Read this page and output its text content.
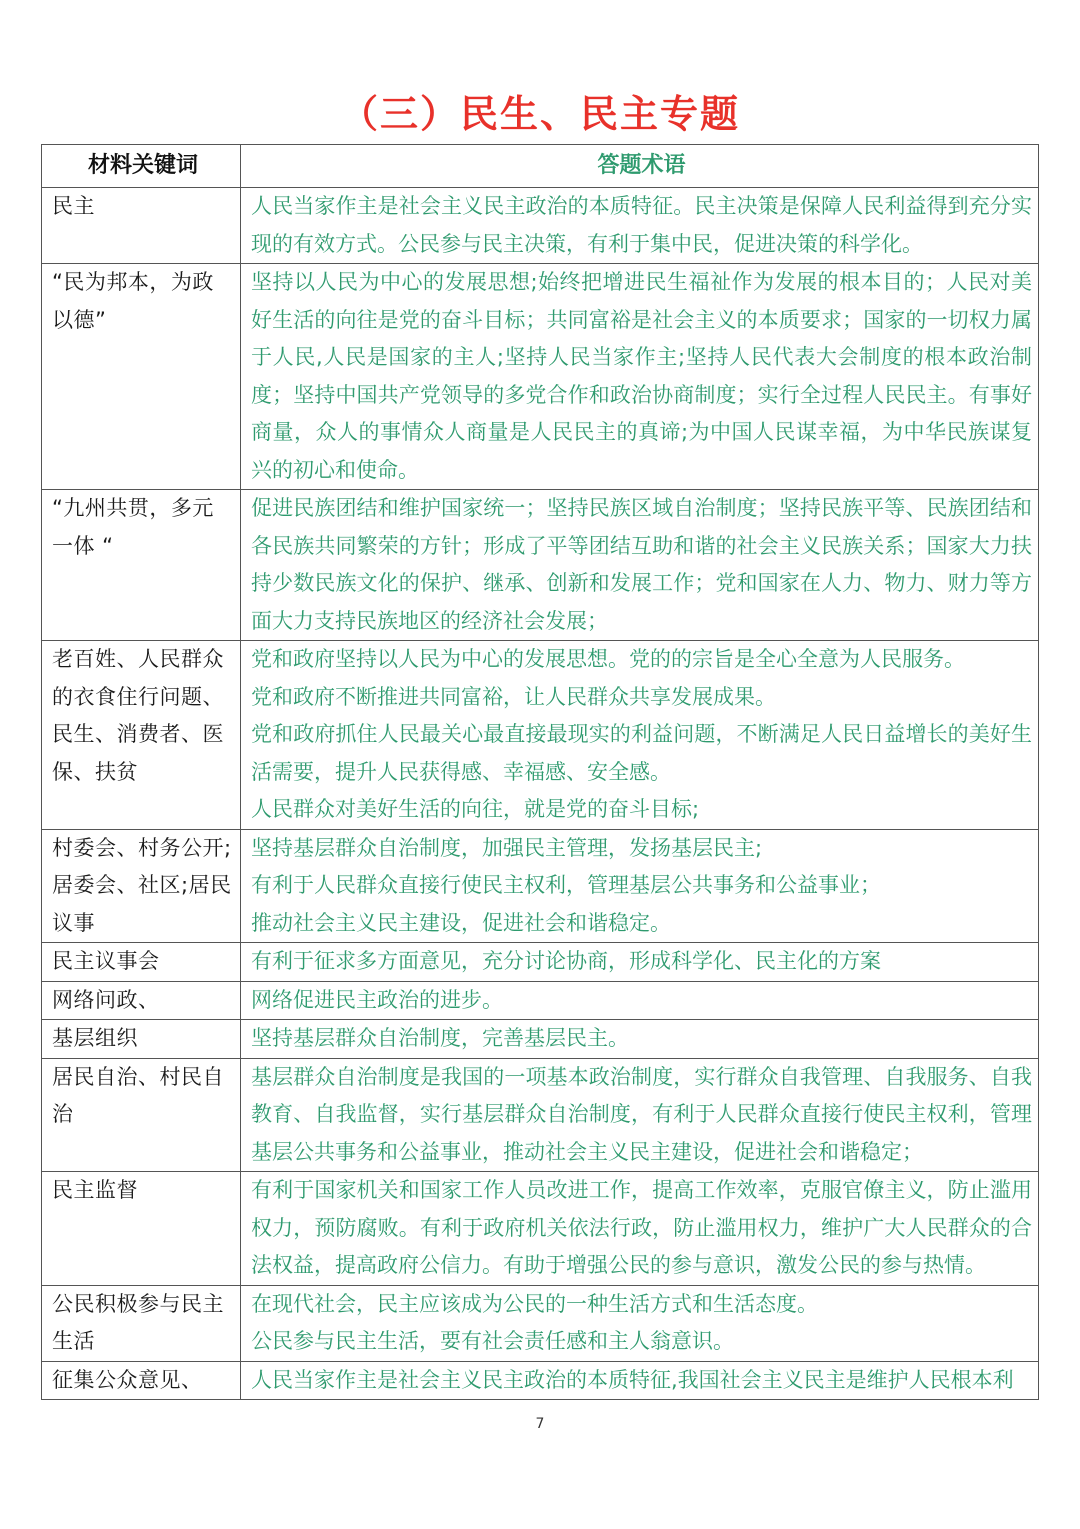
（三）民生、民主专题
材料关键词	答题术语
民主	人民当家作主是社会主义民主政治的本质特征。民主决策是保障人民利益得到充分实现的有效方式。公民参与民主决策，有利于集中民，促进决策的科学化。
“民为邦本，为政以德”	坚持以人民为中心的发展思想;始终把增进民生福祉作为发展的根本目的；人民对美好生活的向往是党的奋斗目标；共同富裕是社会主义的本质要求；国家的一切权力属于人民,人民是国家的主人;坚持人民当家作主;坚持人民代表大会制度的根本政治制度；坚持中国共产党领导的多党合作和政治协商制度；实行全过程人民民主。有事好商量，众人的事情众人商量是人民民主的真谛;为中国人民谋幸福，为中华民族谋复兴的初心和使命。
“九州共贯，多元一体 “	促进民族团结和维护国家统一；坚持民族区域自治制度；坚持民族平等、民族团结和各民族共同繁荣的方针；形成了平等团结互助和谐的社会主义民族关系；国家大力扶持少数民族文化的保护、继承、创新和发展工作；党和国家在人力、物力、财力等方面大力支持民族地区的经济社会发展；
老百姓、人民群众的衣食住行问题、民生、消费者、医保、扶贫	党和政府坚持以人民为中心的发展思想。党的的宗旨是全心全意为人民服务。
党和政府不断推进共同富裕，让人民群众共享发展成果。
党和政府抓住人民最关心最直接最现实的利益问题，不断满足人民日益增长的美好生活需要，提升人民获得感、幸福感、安全感。
人民群众对美好生活的向往，就是党的奋斗目标;

村委会、村务公开;居委会、社区;居民议事	坚持基层群众自治制度，加强民主管理，发扬基层民主;
有利于人民群众直接行使民主权利，管理基层公共事务和公益事业；
推动社会主义民主建设，促进社会和谐稳定。

民主议事会	有利于征求多方面意见，充分讨论协商，形成科学化、民主化的方案
网络问政、	网络促进民主政治的进步。
基层组织	坚持基层群众自治制度，完善基层民主。
居民自治、村民自治	基层群众自治制度是我国的一项基本政治制度，实行群众自我管理、自我服务、自我教育、自我监督，实行基层群众自治制度，有利于人民群众直接行使民主权利，管理基层公共事务和公益事业，推动社会主义民主建设，促进社会和谐稳定；
民主监督	有利于国家机关和国家工作人员改进工作，提高工作效率，克服官僚主义，防止滥用权力，预防腐败。有利于政府机关依法行政，防止滥用权力，维护广大人民群众的合法权益，提高政府公信力。有助于增强公民的参与意识，激发公民的参与热情。
公民积极参与民主生活	在现代社会，民主应该成为公民的一种生活方式和生活态度。
公民参与民主生活，要有社会责任感和主人翁意识。

征集公众意见、	人民当家作主是社会主义民主政治的本质特征,我国社会主义民主是维护人民根本利
7
